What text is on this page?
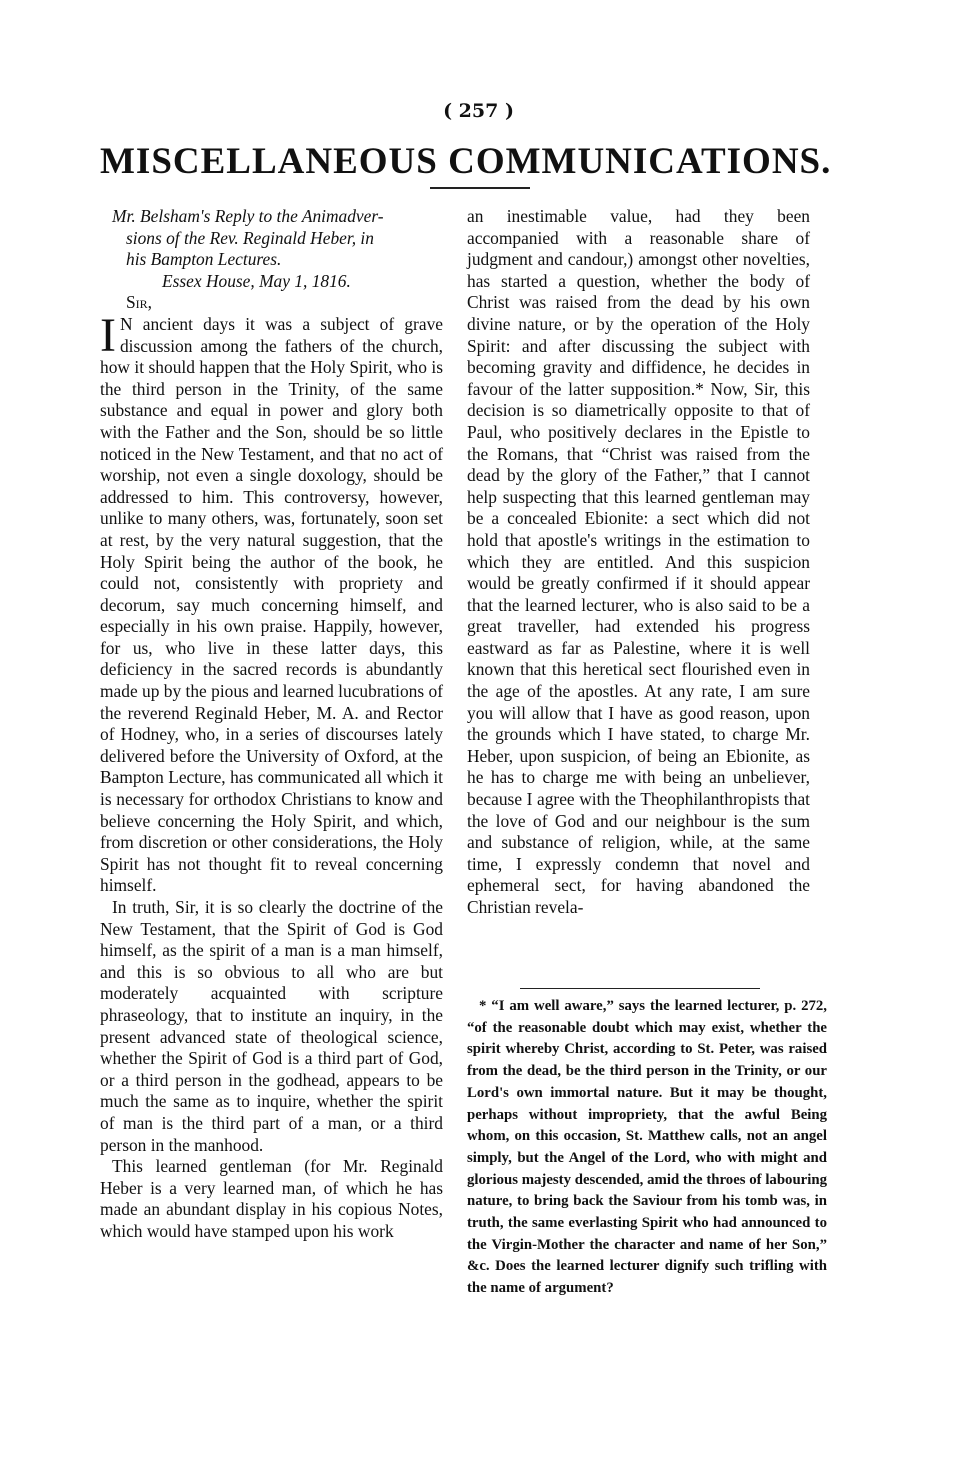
( 257 )
MISCELLANEOUS COMMUNICATIONS.

Mr. Belsham's Reply to the Animadver-

sions of the Rev. Reginald Heber, in

his Bampton Lectures.

Essex House, May 1, 1816.

Sir,

I N ancient days it was a subject of grave discussion among the fathers of the church, how it should happen that the Holy Spirit, who is the third person in the Trinity, of the same substance and equal in power and glory both with the Father and the Son, should be so little noticed in the New Testament, and that no act of worship, not even a single doxology, should be addressed to him. This controversy, however, unlike to many others, was, fortunately, soon set at rest, by the very natural suggestion, that the Holy Spirit being the author of the book, he could not, consistently with propriety and decorum, say much concerning himself, and especially in his own praise. Happily, however, for us, who live in these latter days, this deficiency in the sacred records is abundantly made up by the pious and learned lucubrations of the reverend Reginald Heber, M. A. and Rector of Hodney, who, in a series of discourses lately delivered before the University of Oxford, at the Bampton Lecture, has communicated all which it is necessary for orthodox Christians to know and believe concerning the Holy Spirit, and which, from discretion or other considerations, the Holy Spirit has not thought fit to reveal concerning himself.

In truth, Sir, it is so clearly the doctrine of the New Testament, that the Spirit of God is God himself, as the spirit of a man is a man himself, and this is so obvious to all who are but moderately acquainted with scripture phraseology, that to institute an inquiry, in the present advanced state of theological science, whether the Spirit of God is a third part of God, or a third person in the godhead, appears to be much the same as to inquire, whether the spirit of man is the third part of a man, or a third person in the manhood.

This learned gentleman (for Mr. Reginald Heber is a very learned man, of which he has made an abundant display in his copious Notes, which would have stamped upon his work

an inestimable value, had they been accompanied with a reasonable share of judgment and candour,) amongst other novelties, has started a question, whether the body of Christ was raised from the dead by his own divine nature, or by the operation of the Holy Spirit: and after discussing the subject with becoming gravity and diffidence, he decides in favour of the latter supposition.* Now, Sir, this decision is so diametrically opposite to that of Paul, who positively declares in the Epistle to the Romans, that “Christ was raised from the dead by the glory of the Father,” that I cannot help suspecting that this learned gentleman may be a concealed Ebionite: a sect which did not hold that apostle's writings in the estimation to which they are entitled. And this suspicion would be greatly confirmed if it should appear that the learned lecturer, who is also said to be a great traveller, had extended his progress eastward as far as Palestine, where it is well known that this heretical sect flourished even in the age of the apostles. At any rate, I am sure you will allow that I have as good reason, upon the grounds which I have stated, to charge Mr. Heber, upon suspicion, of being an Ebionite, as he has to charge me with being an unbeliever, because I agree with the Theophilanthropists that the love of God and our neighbour is the sum and substance of religion, while, at the same time, I expressly condemn that novel and ephemeral sect, for having abandoned the Christian revela-

* “I am well aware,” says the learned lecturer, p. 272, “of the reasonable doubt which may exist, whether the spirit whereby Christ, according to St. Peter, was raised from the dead, be the third person in the Trinity, or our Lord's own immortal nature. But it may be thought, perhaps without impropriety, that the awful Being whom, on this occasion, St. Matthew calls, not an angel simply, but the Angel of the Lord, who with might and glorious majesty descended, amid the throes of labouring nature, to bring back the Saviour from his tomb was, in truth, the same everlasting Spirit who had announced to the Virgin-Mother the character and name of her Son,” &c. Does the learned lecturer dignify such trifling with the name of argument?
